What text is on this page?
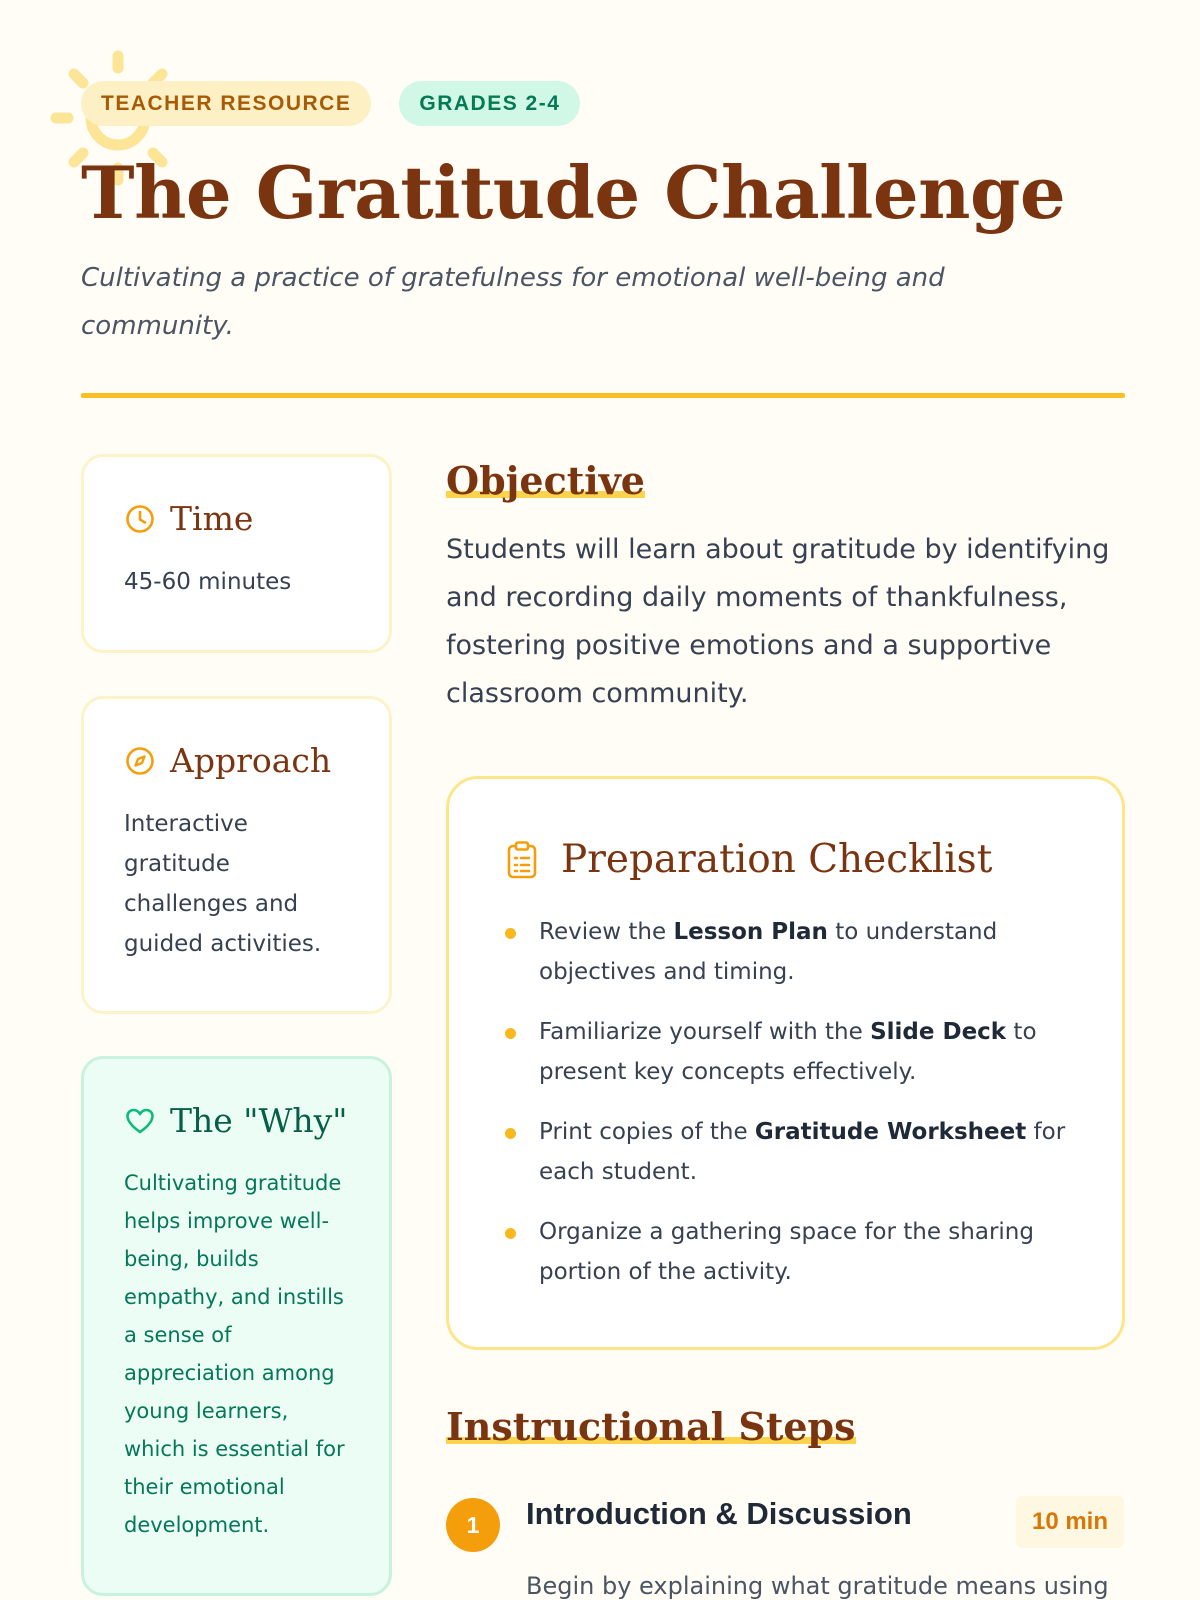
TEACHER RESOURCE	GRADES 2-4
The Gratitude Challenge

Cultivating a practice of gratefulness for emotional well-being and community.

Time

45-60 minutes

Approach

Interactive gratitude challenges and guided activities.

The "Why"

Cultivating gratitude helps improve well-being, builds empathy, and instills a sense of appreciation among young learners, which is essential for their emotional development.

Objective

Students will learn about gratitude by identifying and recording daily moments of thankfulness, fostering positive emotions and a supportive classroom community.

Preparation Checklist
Review the Lesson Plan to understand objectives and timing.
Familiarize yourself with the Slide Deck to present key concepts effectively.
Print copies of the Gratitude Worksheet for each student.
Organize a gathering space for the sharing portion of the activity.
Instructional Steps
1	Introduction & Discussion	10 min

Begin by explaining what gratitude means using
